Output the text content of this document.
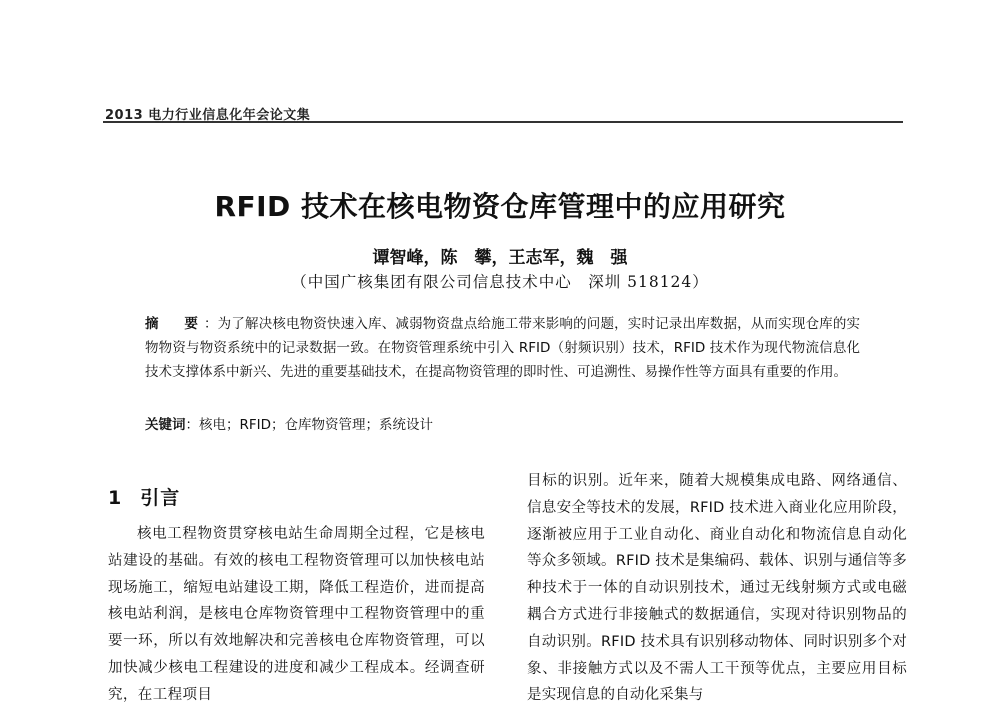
2013 电力行业信息化年会论文集
RFID 技术在核电物资仓库管理中的应用研究
谭智峰，陈　攀，王志军，魏　强
（中国广核集团有限公司信息技术中心　深圳 518124）
摘　要：为了解决核电物资快速入库、减弱物资盘点给施工带来影响的问题，实时记录出库数据，从而实现仓库的实物物资与物资系统中的记录数据一致。在物资管理系统中引入 RFID（射频识别）技术，RFID 技术作为现代物流信息化技术支撑体系中新兴、先进的重要基础技术，在提高物资管理的即时性、可追溯性、易操作性等方面具有重要的作用。
关键词：核电；RFID；仓库物资管理；系统设计
1 引言
核电工程物资贯穿核电站生命周期全过程，它是核电站建设的基础。有效的核电工程物资管理可以加快核电站现场施工，缩短电站建设工期，降低工程造价，进而提高核电站利润，是核电仓库物资管理中工程物资管理中的重要一环，所以有效地解决和完善核电仓库物资管理，可以加快减少核电工程建设的进度和减少工程成本。经调查研究，在工程项目
目标的识别。近年来，随着大规模集成电路、网络通信、信息安全等技术的发展，RFID 技术进入商业化应用阶段，逐渐被应用于工业自动化、商业自动化和物流信息自动化等众多领域。RFID 技术是集编码、载体、识别与通信等多种技术于一体的自动识别技术，通过无线射频方式或电磁耦合方式进行非接触式的数据通信，实现对待识别物品的自动识别。RFID 技术具有识别移动物体、同时识别多个对象、非接触方式以及不需人工干预等优点，主要应用目标是实现信息的自动化采集与
